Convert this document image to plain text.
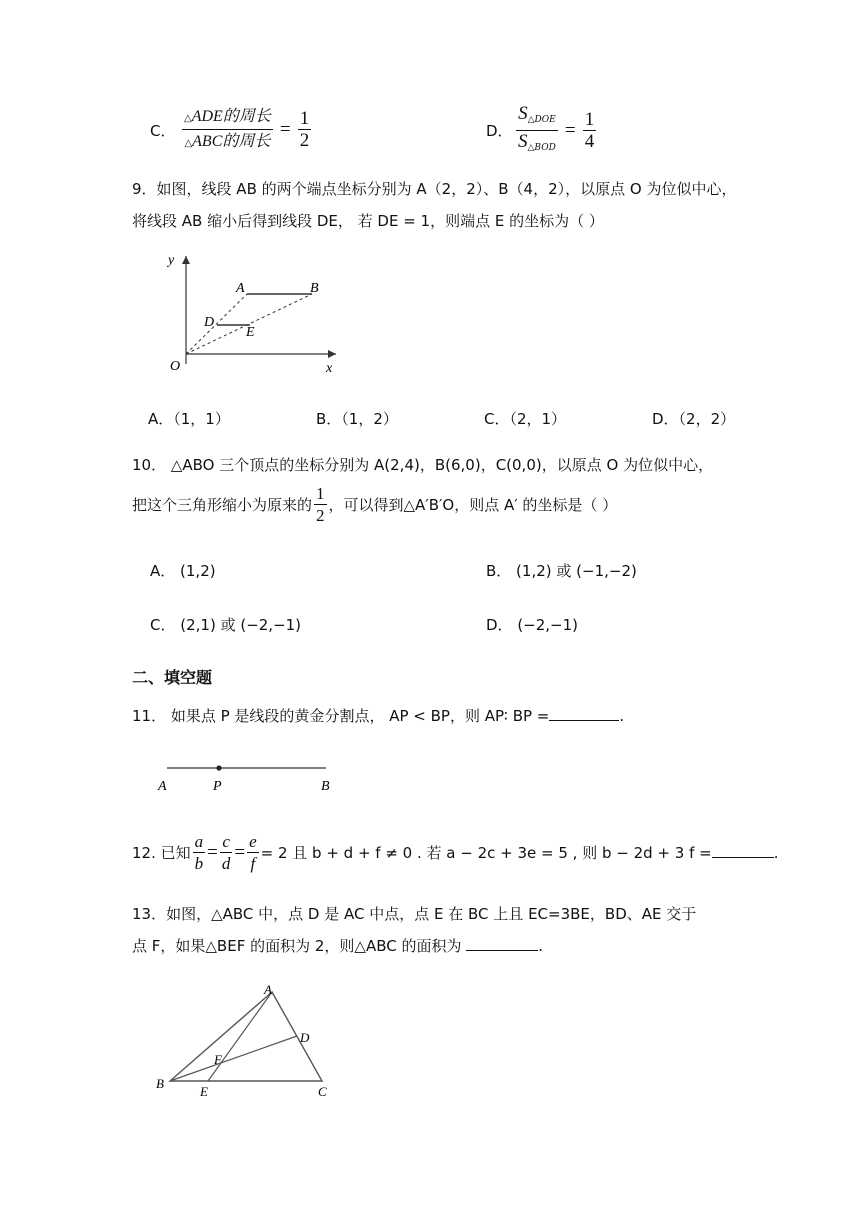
C． $\frac{\text{△ADE的周长}}{\text{△ABC的周长}} = \frac{1}{2}$	D． $\frac{S_{\triangle DOE}}{S_{\triangle BOD}} = \frac{1}{4}$
9．如图，线段 AB 的两个端点坐标分别为 A（2，2）、B（4，2），以原点 O 为位似中心，
将线段 AB 缩小后得到线段 DE， 若 DE = 1，则端点 E 的坐标为（ ）
y
x
O
A	B
D
E
A．（1，1）	B．（1，2）	C．（2，1）	D．（2，2）
10． △ABO 三个顶点的坐标分别为 A(2,4)，B(6,0)，C(0,0)，以原点 O 为位似中心，
把这个三角形缩小为原来的 $\frac{1}{2}$ ，可以得到△A′B′O，则点 A′ 的坐标是（ ）
A． (1,2)	B． (1,2) 或 (−1,−2)
C． (2,1) 或 (−2,−1)	D． (−2,−1)
二、填空题
11． 如果点 P 是线段的黄金分割点， AP < BP，则 AP∶ BP =	.
A	P	B
12. 已知 $\frac{a}{b} = \frac{c}{d} = \frac{e}{f} = 2$ 且 b + d + f ≠ 0 . 若 a − 2c + 3e = 5 , 则 b − 2d + 3 f =	.
13．如图，△ABC 中，点 D 是 AC 中点，点 E 在 BC 上且 EC=3BE，BD、AE 交于
点 F，如果△BEF 的面积为 2，则△ABC 的面积为	.
A
B
C
D
E
F
